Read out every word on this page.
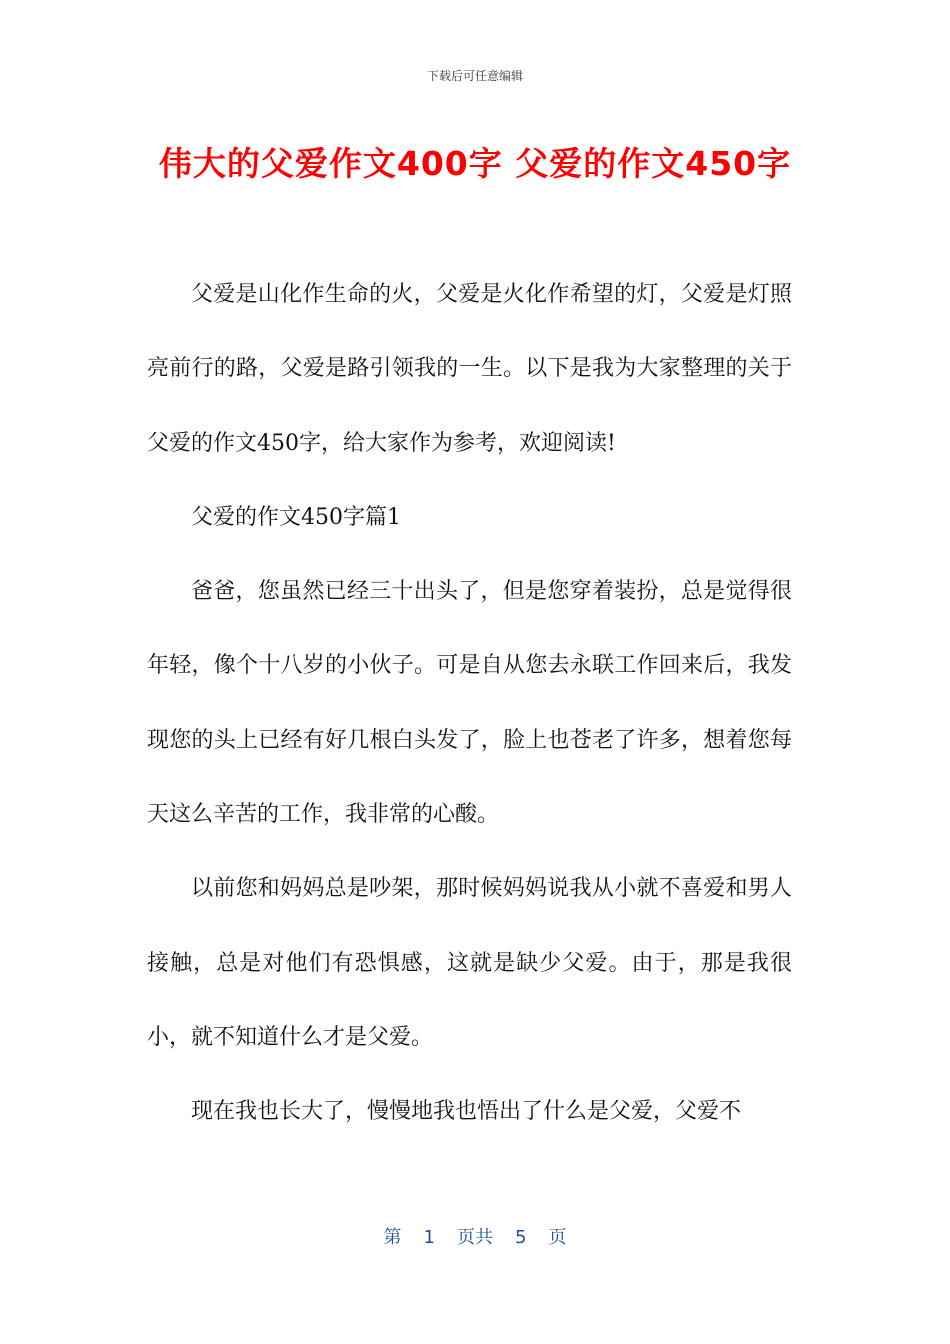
下载后可任意编辑
伟大的父爱作文400字 父爱的作文450字

父爱是山化作生命的火，父爱是火化作希望的灯，父爱是灯照亮前行的路，父爱是路引领我的一生。以下是我为大家整理的关于父爱的作文450字，给大家作为参考，欢迎阅读!

父爱的作文450字篇1

爸爸，您虽然已经三十出头了，但是您穿着装扮，总是觉得很年轻，像个十八岁的小伙子。可是自从您去永联工作回来后，我发现您的头上已经有好几根白头发了，脸上也苍老了许多，想着您每天这么辛苦的工作，我非常的心酸。

以前您和妈妈总是吵架，那时候妈妈说我从小就不喜爱和男人接触，总是对他们有恐惧感，这就是缺少父爱。由于，那是我很小，就不知道什么才是父爱。

现在我也长大了，慢慢地我也悟出了什么是父爱，父爱不

第 1 页共 5 页
